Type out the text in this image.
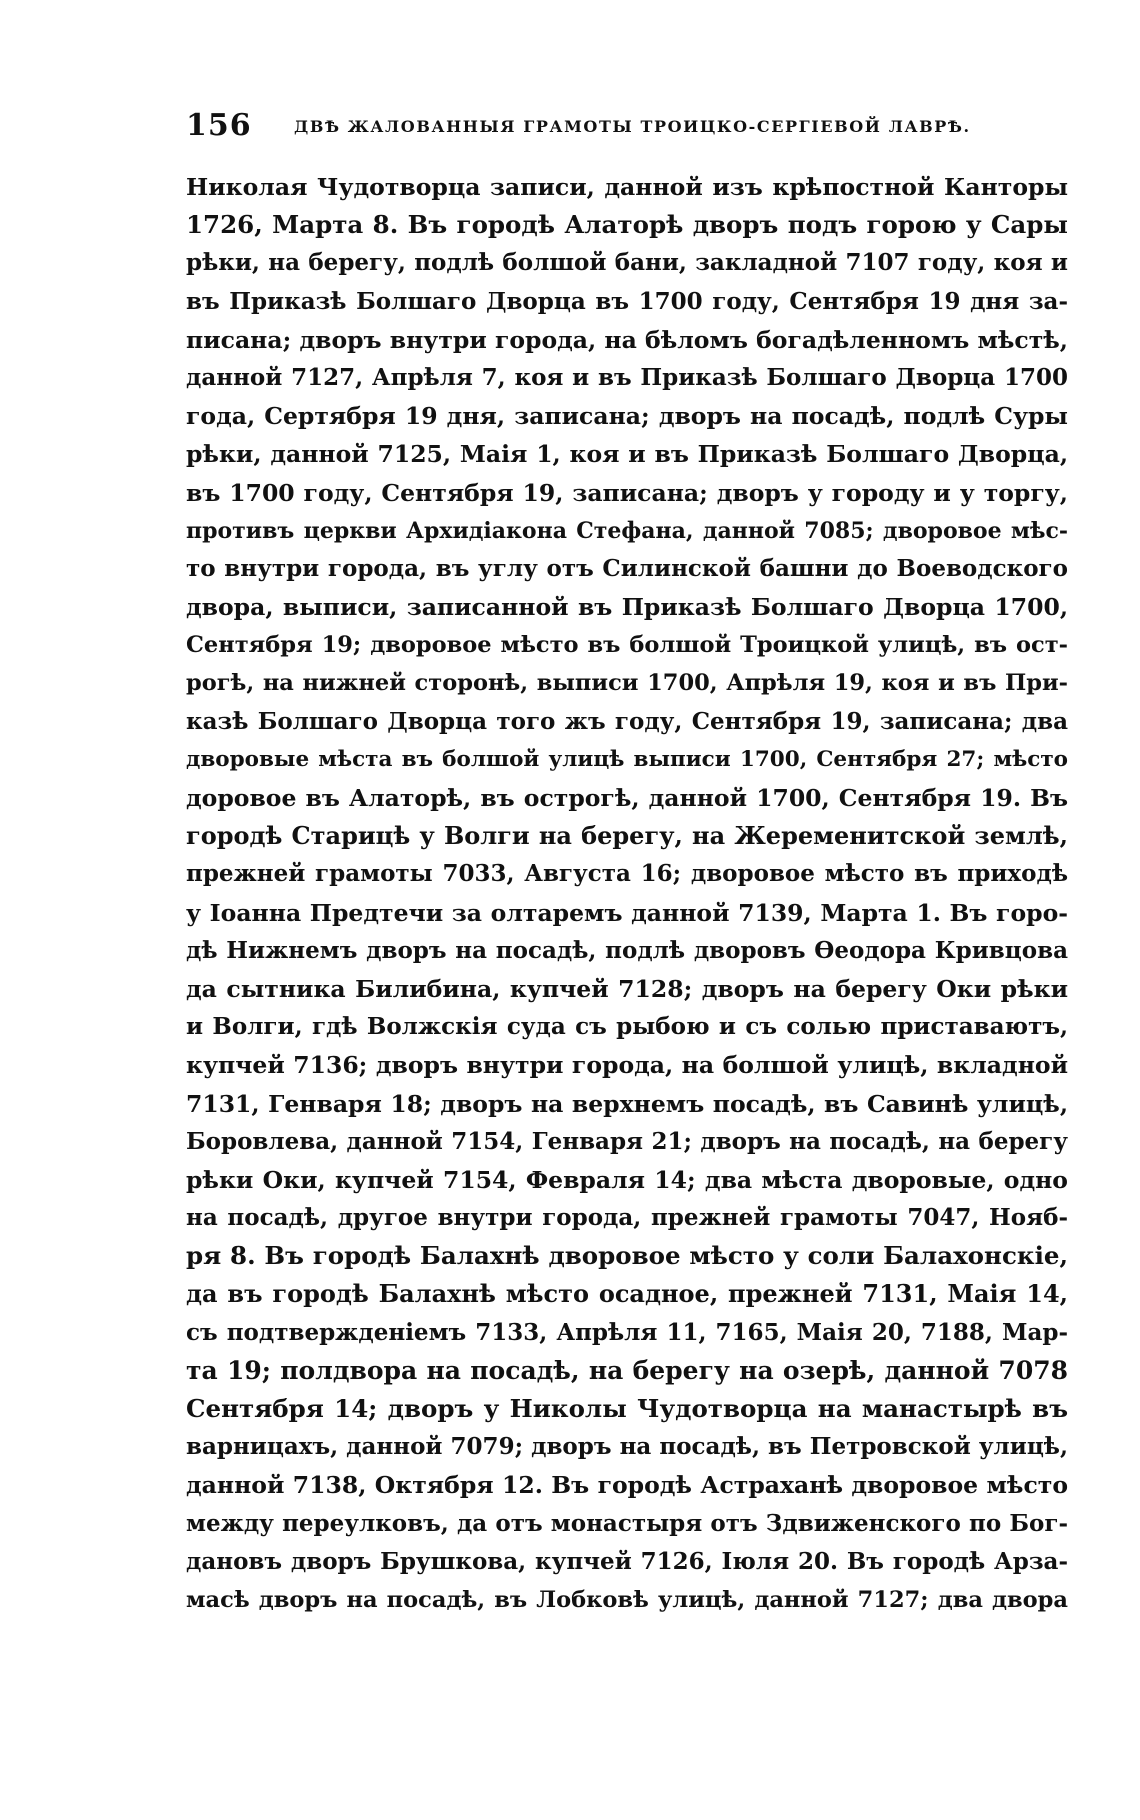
156	ДВѢ ЖАЛОВАННЫЯ ГРАМОТЫ ТРОИЦКО-СЕРГІЕВОЙ ЛАВРѢ.
Николая Чудотворца записи, данной изъ крѣпостной Канторы
1726, Марта 8. Въ городѣ Алаторѣ дворъ подъ горою у Сары
рѣки, на берегу, подлѣ болшой бани, закладной 7107 году, коя и
въ Приказѣ Болшаго Дворца въ 1700 году, Сентября 19 дня за-
писана; дворъ внутри города, на бѣломъ богадѣленномъ мѣстѣ,
данной 7127, Апрѣля 7, коя и въ Приказѣ Болшаго Дворца 1700
года, Сертября 19 дня, записана; дворъ на посадѣ, подлѣ Суры
рѣки, данной 7125, Маія 1, коя и въ Приказѣ Болшаго Дворца,
въ 1700 году, Сентября 19, записана; дворъ у городу и у торгу,
противъ церкви Архидіакона Стефана, данной 7085; дворовое мѣс-
то внутри города, въ углу отъ Силинской башни до Воеводского
двора, выписи, записанной въ Приказѣ Болшаго Дворца 1700,
Сентября 19; дворовое мѣсто въ болшой Троицкой улицѣ, въ ост-
рогѣ, на нижней сторонѣ, выписи 1700, Апрѣля 19, коя и въ При-
казѣ Болшаго Дворца того жъ году, Сентября 19, записана; два
дворовые мѣста въ болшой улицѣ выписи 1700, Сентября 27; мѣсто
доровое въ Алаторѣ, въ острогѣ, данной 1700, Сентября 19. Въ
городѣ Старицѣ у Волги на берегу, на Жеременитской землѣ,
прежней грамоты 7033, Августа 16; дворовое мѣсто въ приходѣ
у Іоанна Предтечи за олтаремъ данной 7139, Марта 1. Въ горо-
дѣ Нижнемъ дворъ на посадѣ, подлѣ дворовъ Ѳеодора Кривцова
да сытника Билибина, купчей 7128; дворъ на берегу Оки рѣки
и Волги, гдѣ Волжскія суда съ рыбою и съ солью приставаютъ,
купчей 7136; дворъ внутри города, на болшой улицѣ, вкладной
7131, Генваря 18; дворъ на верхнемъ посадѣ, въ Савинѣ улицѣ,
Боровлева, данной 7154, Генваря 21; дворъ на посадѣ, на берегу
рѣки Оки, купчей 7154, Февраля 14; два мѣста дворовые, одно
на посадѣ, другое внутри города, прежней грамоты 7047, Нояб-
ря 8. Въ городѣ Балахнѣ дворовое мѣсто у соли Балахонскіе,
да въ городѣ Балахнѣ мѣсто осадное, прежней 7131, Маія 14,
съ подтвержденіемъ 7133, Апрѣля 11, 7165, Маія 20, 7188, Мар-
та 19; полдвора на посадѣ, на берегу на озерѣ, данной 7078
Сентября 14; дворъ у Николы Чудотворца на манастырѣ въ
варницахъ, данной 7079; дворъ на посадѣ, въ Петровской улицѣ,
данной 7138, Октября 12. Въ городѣ Астраханѣ дворовое мѣсто
между переулковъ, да отъ монастыря отъ Здвиженского по Бог-
дановъ дворъ Брушкова, купчей 7126, Іюля 20. Въ городѣ Арза-
масѣ дворъ на посадѣ, въ Лобковѣ улицѣ, данной 7127; два двора
